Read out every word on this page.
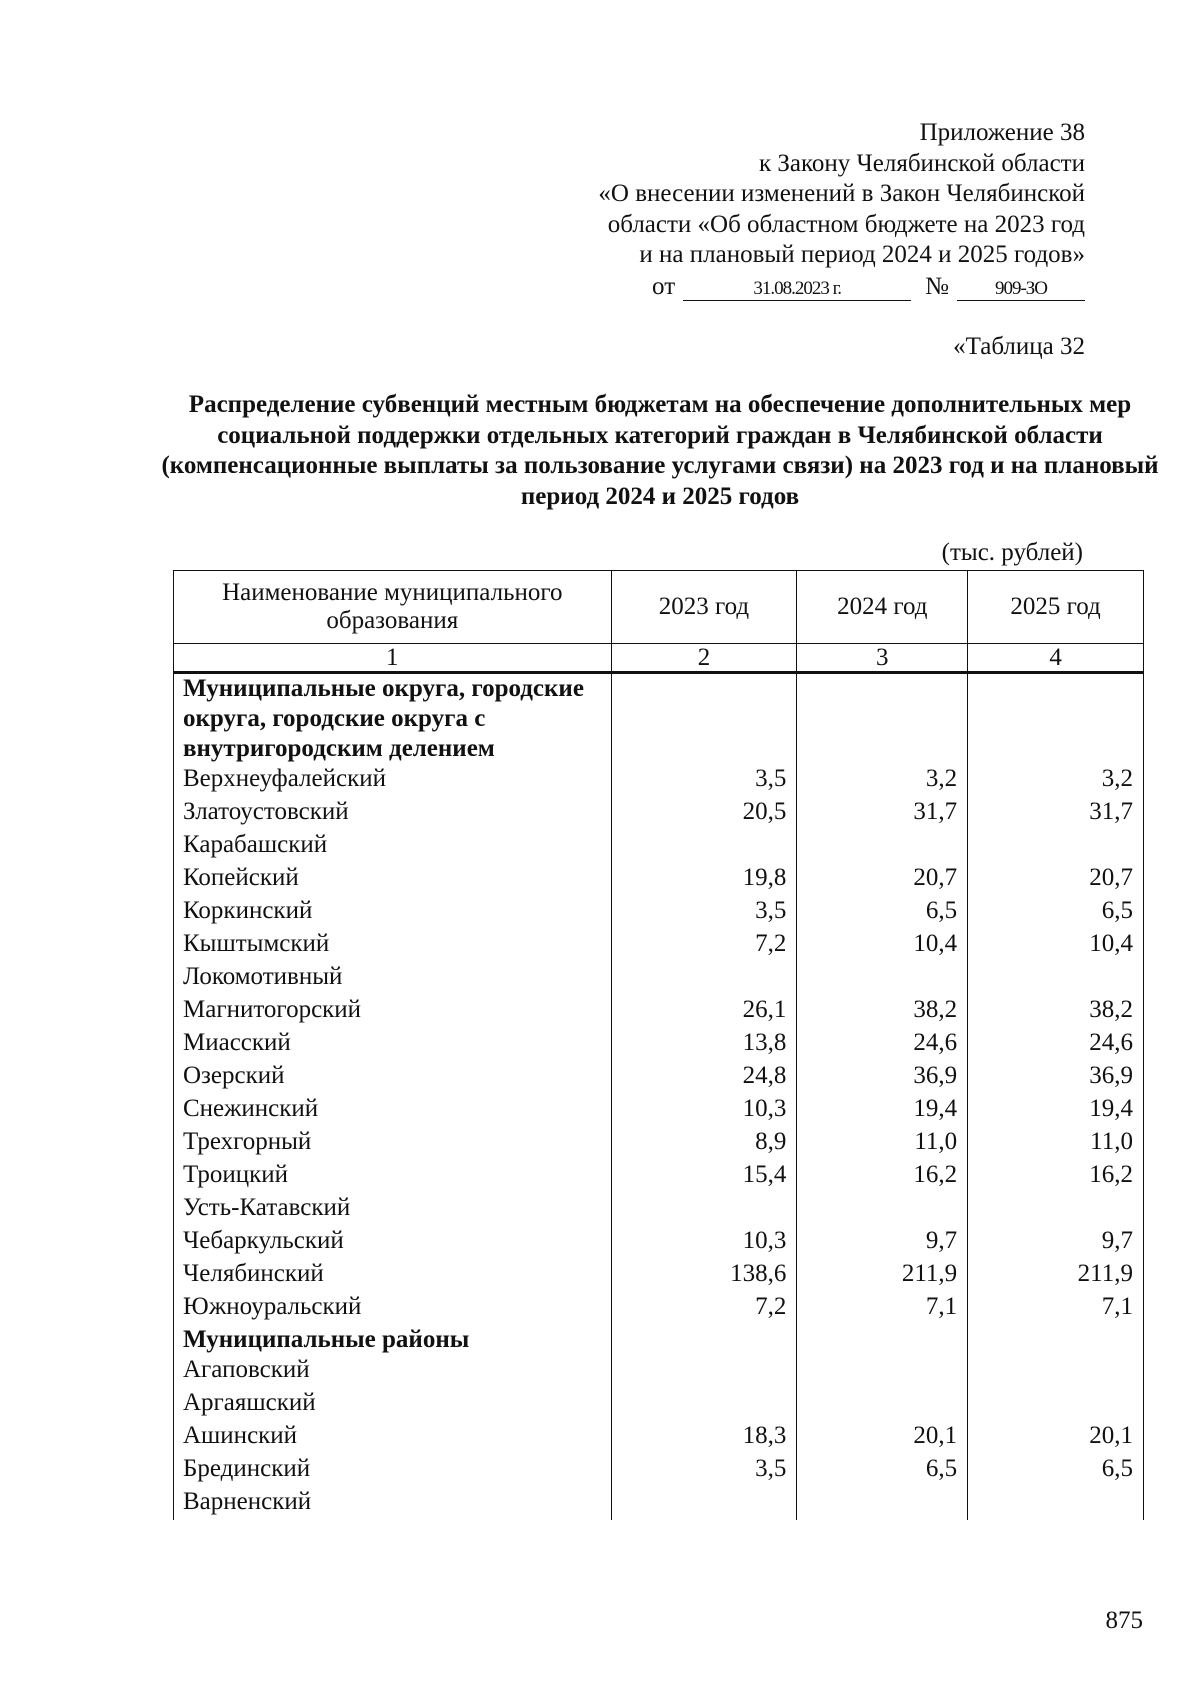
Приложение 38
к Закону Челябинской области
«О внесении изменений в Закон Челябинской
области «Об областном бюджете на 2023 год
и на плановый период 2024 и 2025 годов»
от	31.08.2023 г.	№	909-ЗО
«Таблица 32
Распределение субвенций местным бюджетам на обеспечение дополнительных мер социальной поддержки отдельных категорий граждан в Челябинской области (компенсационные выплаты за пользование услугами связи) на 2023 год и на плановый период 2024 и 2025 годов
(тыс. рублей)
Наименование муниципального образования	2023 год	2024 год	2025 год
1	2	3	4
Муниципальные округа, городские округа, городские округа с внутригородским делением			
Верхнеуфалейский	3,5	3,2	3,2
Златоустовский	20,5	31,7	31,7
Карабашский			
Копейский	19,8	20,7	20,7
Коркинский	3,5	6,5	6,5
Кыштымский	7,2	10,4	10,4
Локомотивный			
Магнитогорский	26,1	38,2	38,2
Миасский	13,8	24,6	24,6
Озерский	24,8	36,9	36,9
Снежинский	10,3	19,4	19,4
Трехгорный	8,9	11,0	11,0
Троицкий	15,4	16,2	16,2
Усть-Катавский			
Чебаркульский	10,3	9,7	9,7
Челябинский	138,6	211,9	211,9
Южноуральский	7,2	7,1	7,1
Муниципальные районы			
Агаповский			
Аргаяшский			
Ашинский	18,3	20,1	20,1
Брединский	3,5	6,5	6,5
Варненский			
875
